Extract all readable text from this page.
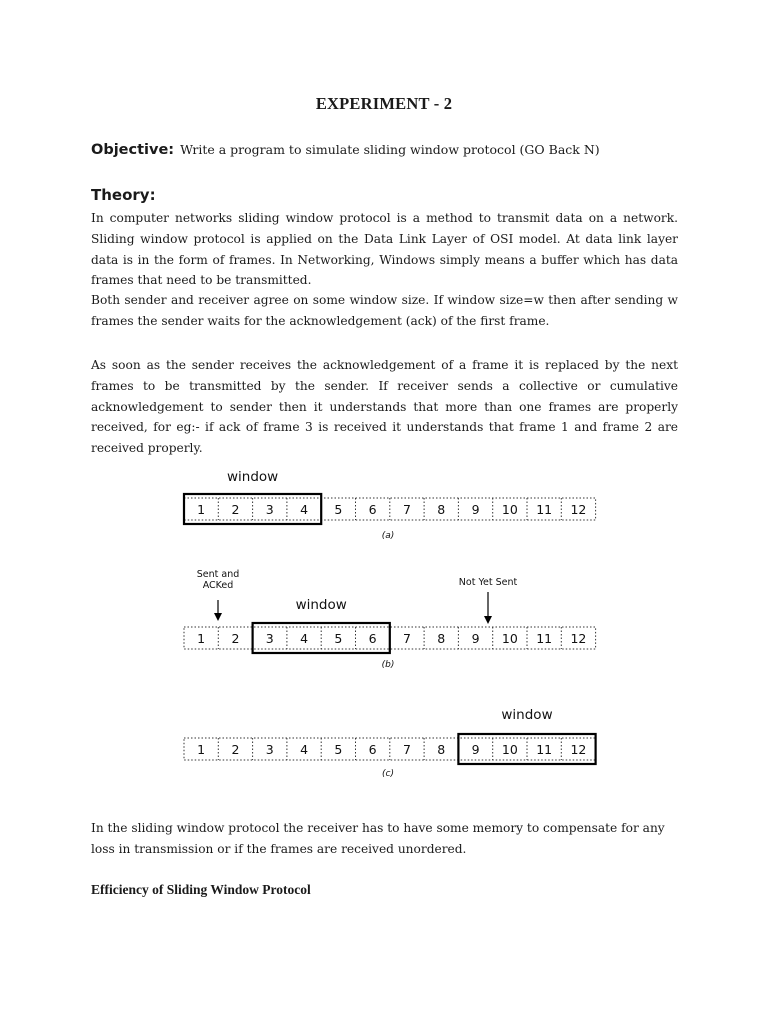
EXPERIMENT - 2
Objective: Write a program to simulate sliding window protocol (GO Back N)
Theory:
In computer networks sliding window protocol is a method to transmit data on a network. Sliding window protocol is applied on the Data Link Layer of OSI model. At data link layer data is in the form of frames. In Networking, Windows simply means a buffer which has data frames that need to be transmitted.
Both sender and receiver agree on some window size. If window size=w then after sending w frames the sender waits for the acknowledgement (ack) of the first frame.
As soon as the sender receives the acknowledgement of a frame it is replaced by the next frames to be transmitted by the sender. If receiver sends a collective or cumulative acknowledgement to sender then it understands that more than one frames are properly received, for eg:- if ack of frame 3 is received it understands that frame 1 and frame 2 are received properly.
1 2 3 4 5 6 7 8 9 10 11 12
window
(a)
1 2 3 4 5 6 7 8 9 10 11 12
window
(b)
Sent and
ACKed	Not Yet Sent
1 2 3 4 5 6 7 8 9 10 11 12
window
(c)
In the sliding window protocol the receiver has to have some memory to compensate for any loss in transmission or if the frames are received unordered.
Efficiency of Sliding Window Protocol
